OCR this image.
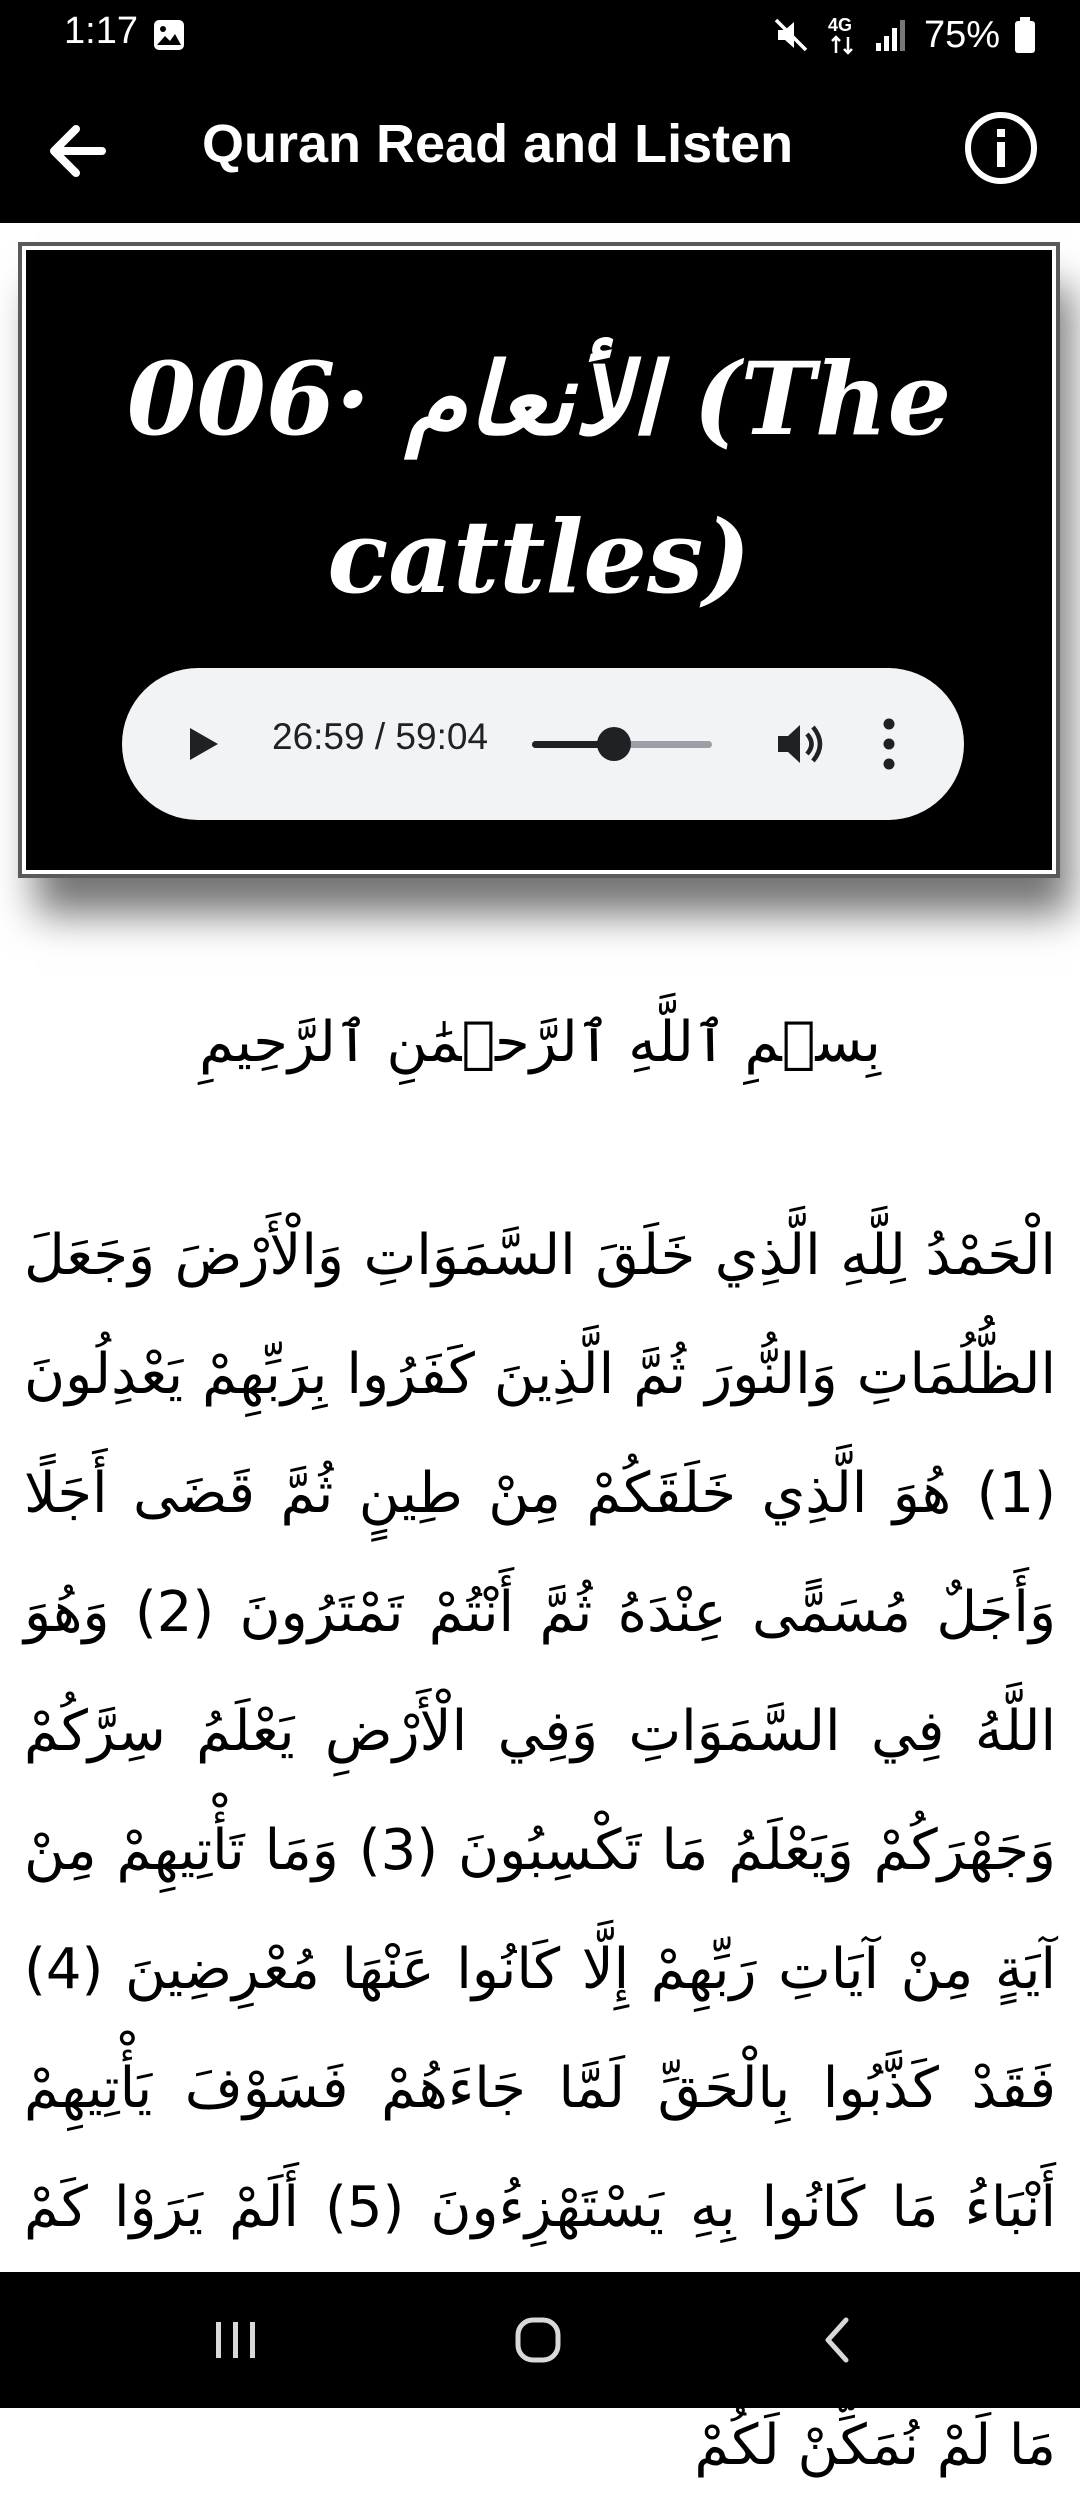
1:17	4G 75%
Quran Read and Listen
006· الأنعام (The cattles)
26:59 / 59:04
بِسۡمِ ٱللَّهِ ٱلرَّحۡمَٰنِ ٱلرَّحِيمِ
الْحَمْدُ لِلَّهِ الَّذِي خَلَقَ السَّمَوَاتِ وَالْأَرْضَ وَجَعَلَ الظُّلُمَاتِ وَالنُّورَ ثُمَّ الَّذِينَ كَفَرُوا بِرَبِّهِمْ يَعْدِلُونَ (1) هُوَ الَّذِي خَلَقَكُمْ مِنْ طِينٍ ثُمَّ قَضَى أَجَلًا وَأَجَلٌ مُسَمًّى عِنْدَهُ ثُمَّ أَنْتُمْ تَمْتَرُونَ (2) وَهُوَ اللَّهُ فِي السَّمَوَاتِ وَفِي الْأَرْضِ يَعْلَمُ سِرَّكُمْ وَجَهْرَكُمْ وَيَعْلَمُ مَا تَكْسِبُونَ (3) وَمَا تَأْتِيهِمْ مِنْ آيَةٍ مِنْ آيَاتِ رَبِّهِمْ إِلَّا كَانُوا عَنْهَا مُعْرِضِينَ (4) فَقَدْ كَذَّبُوا بِالْحَقِّ لَمَّا جَاءَهُمْ فَسَوْفَ يَأْتِيهِمْ أَنْبَاءُ مَا كَانُوا بِهِ يَسْتَهْزِءُونَ (5) أَلَمْ يَرَوْا كَمْ مَا لَمْ نُمَكِّنْ لَكُمْ
